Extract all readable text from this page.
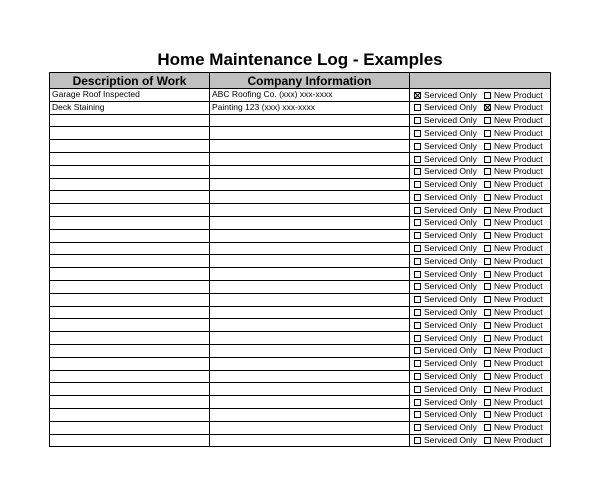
Home Maintenance Log - Examples
Description of Work	Company Information	
Garage Roof Inspected	ABC Roofing Co. (xxx) xxx-xxxx	Serviced Only New Product
Deck Staining	Painting 123 (xxx) xxx-xxxx	Serviced Only New Product
		Serviced Only New Product
		Serviced Only New Product
		Serviced Only New Product
		Serviced Only New Product
		Serviced Only New Product
		Serviced Only New Product
		Serviced Only New Product
		Serviced Only New Product
		Serviced Only New Product
		Serviced Only New Product
		Serviced Only New Product
		Serviced Only New Product
		Serviced Only New Product
		Serviced Only New Product
		Serviced Only New Product
		Serviced Only New Product
		Serviced Only New Product
		Serviced Only New Product
		Serviced Only New Product
		Serviced Only New Product
		Serviced Only New Product
		Serviced Only New Product
		Serviced Only New Product
		Serviced Only New Product
		Serviced Only New Product
		Serviced Only New Product
